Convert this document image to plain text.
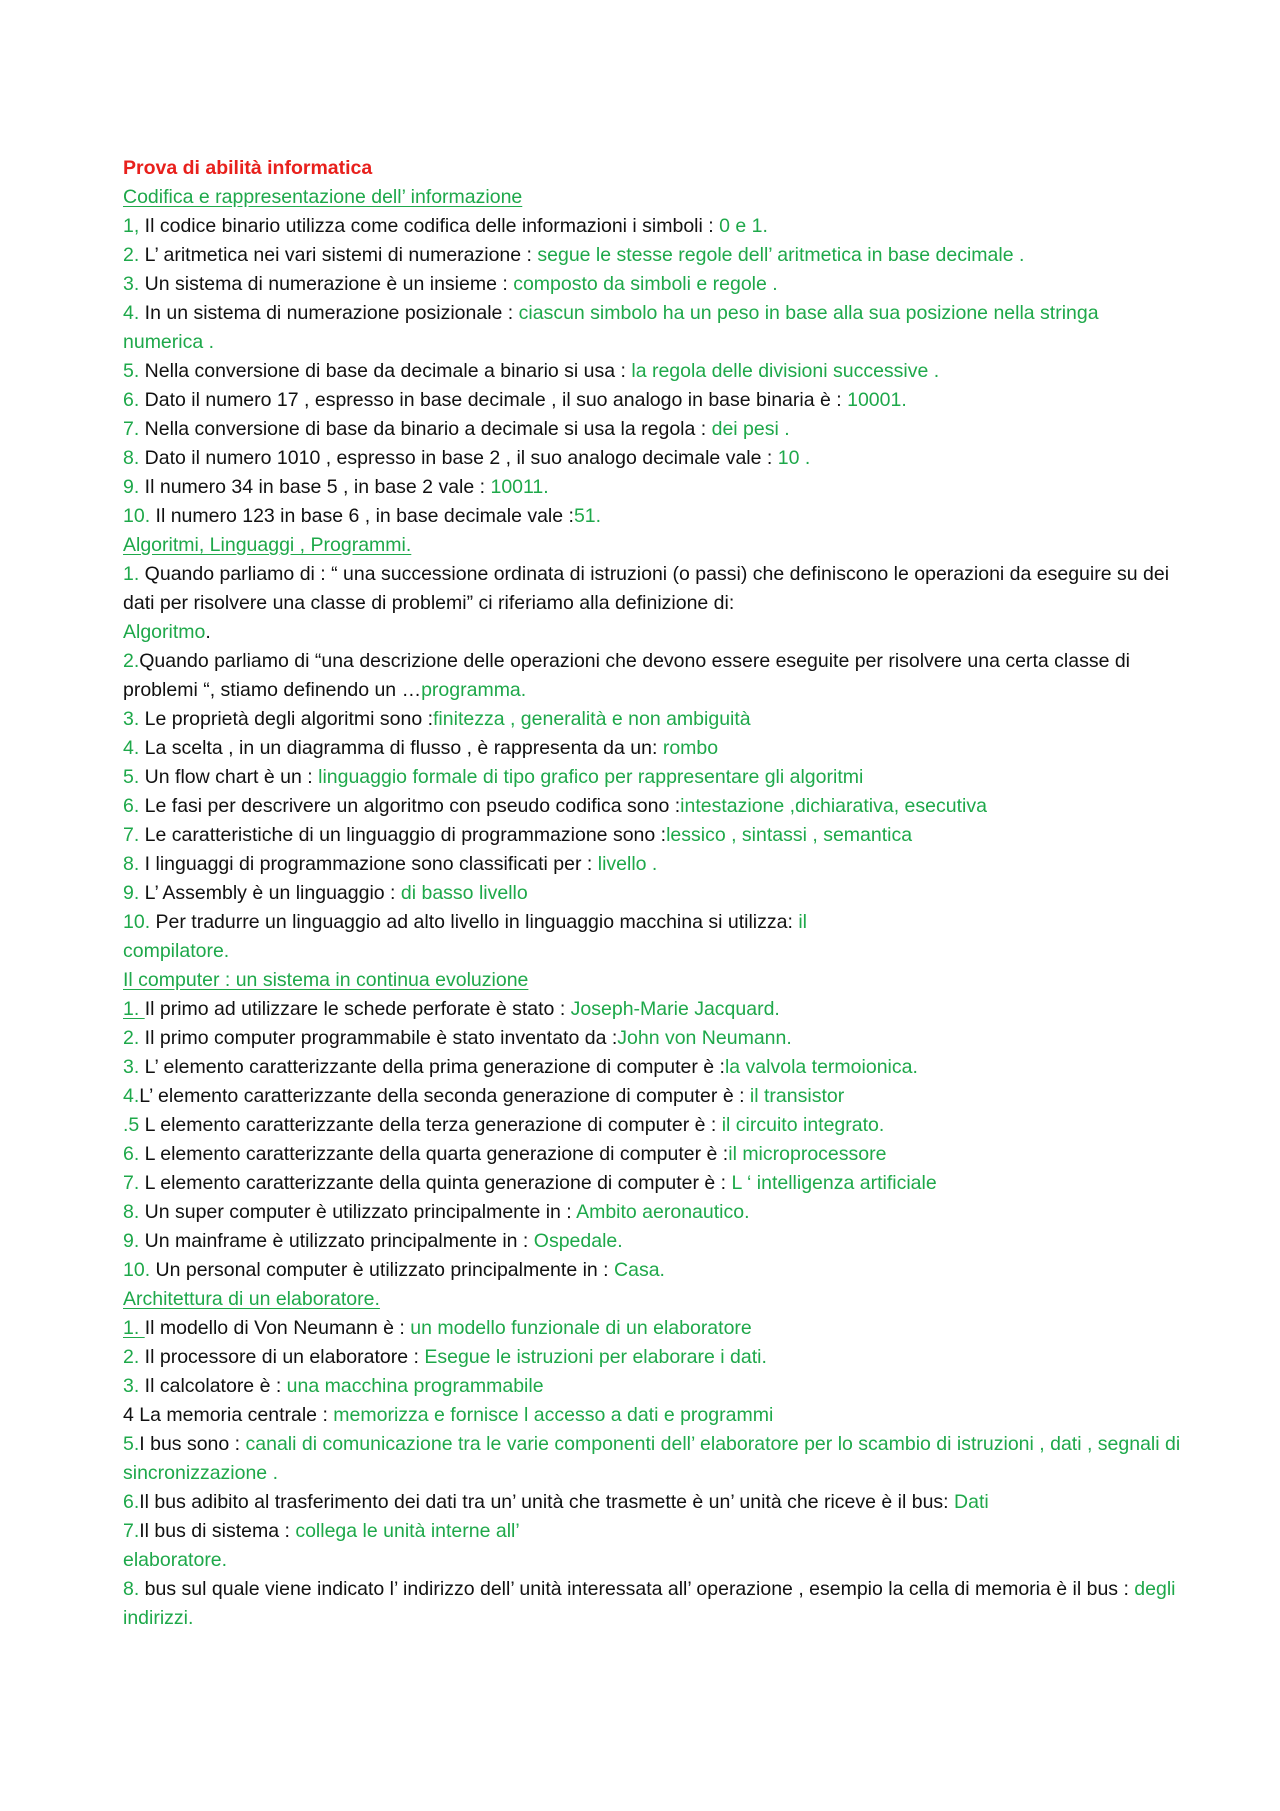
Prova di abilità informatica
Codifica e rappresentazione dell’ informazione
1, Il codice binario utilizza come codifica delle informazioni i simboli : 0 e 1.
2. L’ aritmetica nei vari sistemi di numerazione : segue le stesse regole dell’ aritmetica in base decimale .
3. Un sistema di numerazione è un insieme : composto da simboli e regole .
4. In un sistema di numerazione posizionale : ciascun simbolo ha un peso in base alla sua posizione nella stringa numerica .
5. Nella conversione di base da decimale a binario si usa : la regola delle divisioni successive .
6. Dato il numero 17 , espresso in base decimale , il suo analogo in base binaria è : 10001.
7. Nella conversione di base da binario a decimale si usa la regola : dei pesi .
8. Dato il numero 1010 , espresso in base 2 , il suo analogo decimale vale : 10 .
9. Il numero 34 in base 5 , in base 2 vale : 10011.
10. Il numero 123 in base 6 , in base decimale vale :51.
Algoritmi, Linguaggi , Programmi.
1. Quando parliamo di : “ una successione ordinata di istruzioni (o passi) che definiscono le operazioni da eseguire su dei dati per risolvere una classe di problemi” ci riferiamo alla definizione di:
Algoritmo.
2.Quando parliamo di “una descrizione delle operazioni che devono essere eseguite per risolvere una certa classe di problemi “, stiamo definendo un …programma.
3. Le proprietà degli algoritmi sono :finitezza , generalità e non ambiguità
4. La scelta , in un diagramma di flusso , è rappresenta da un: rombo
5. Un flow chart è un : linguaggio formale di tipo grafico per rappresentare gli algoritmi
6. Le fasi per descrivere un algoritmo con pseudo codifica sono :intestazione ,dichiarativa, esecutiva
7. Le caratteristiche di un linguaggio di programmazione sono :lessico , sintassi , semantica
8. I linguaggi di programmazione sono classificati per : livello .
9. L’ Assembly è un linguaggio : di basso livello
10. Per tradurre un linguaggio ad alto livello in linguaggio macchina si utilizza: il compilatore.
Il computer : un sistema in continua evoluzione
1. Il primo ad utilizzare le schede perforate è stato : Joseph-Marie Jacquard.
2. Il primo computer programmabile è stato inventato da :John von Neumann.
3. L’ elemento caratterizzante della prima generazione di computer è :la valvola termoionica.
4.L’ elemento caratterizzante della seconda generazione di computer è : il transistor
.5 L elemento caratterizzante della terza generazione di computer è : il circuito integrato.
6. L elemento caratterizzante della quarta generazione di computer è :il microprocessore
7. L elemento caratterizzante della quinta generazione di computer è : L ‘ intelligenza artificiale
8. Un super computer è utilizzato principalmente in : Ambito aeronautico.
9. Un mainframe è utilizzato principalmente in : Ospedale.
10. Un personal computer è utilizzato principalmente in : Casa.
Architettura di un elaboratore.
1. Il modello di Von Neumann è : un modello funzionale di un elaboratore
2. Il processore di un elaboratore : Esegue le istruzioni per elaborare i dati.
3. Il calcolatore è : una macchina programmabile
4 La memoria centrale : memorizza e fornisce l accesso a dati e programmi
5.I bus sono : canali di comunicazione tra le varie componenti dell’ elaboratore per lo scambio di istruzioni , dati , segnali di sincronizzazione .
6.Il bus adibito al trasferimento dei dati tra un’ unità che trasmette è un’ unità che riceve è il bus: Dati
7.Il bus di sistema : collega le unità interne all’ elaboratore.
8. bus sul quale viene indicato l’ indirizzo dell’ unità interessata all’ operazione , esempio la cella di memoria è il bus : degli indirizzi.
